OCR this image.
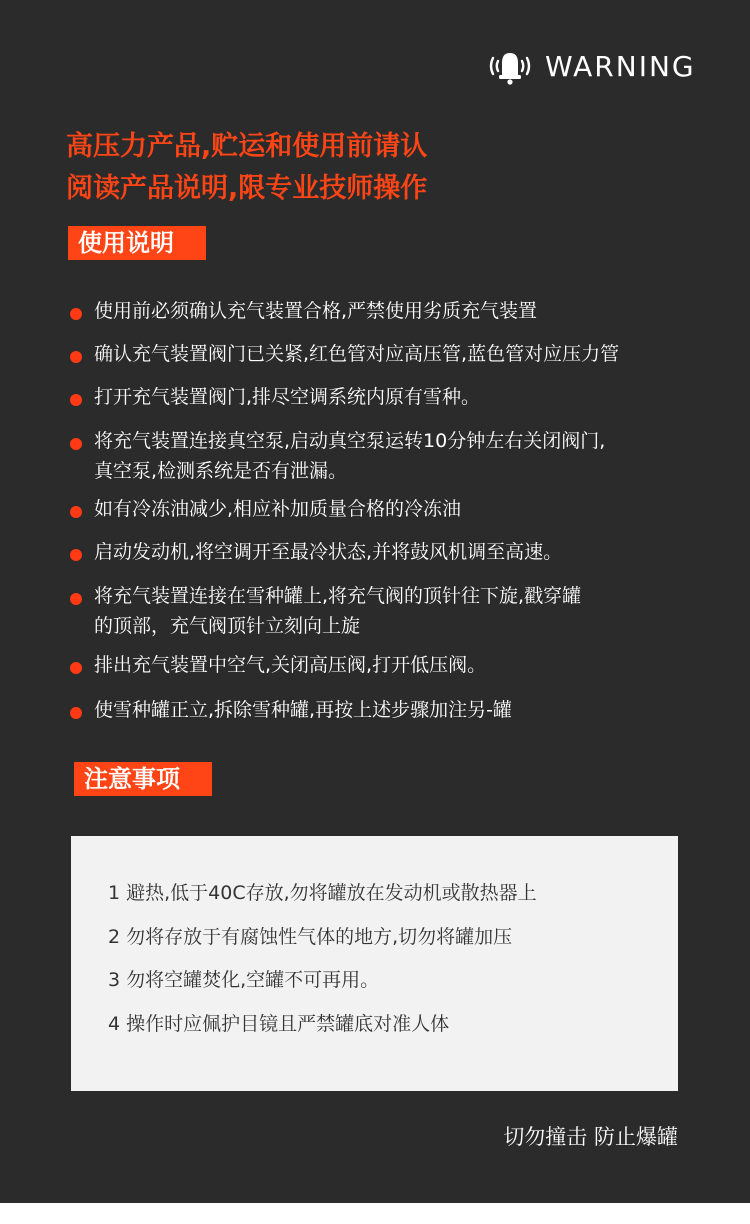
WARNING
高压力产品,贮运和使用前请认
阅读产品说明,限专业技师操作
使用说明
使用前必须确认充气装置合格,严禁使用劣质充气装置
确认充气装置阀门已关紧,红色管对应高压管,蓝色管对应压力管
打开充气装置阀门,排尽空调系统内原有雪种。
将充气装置连接真空泵,启动真空泵运转10分钟左右关闭阀门,
真空泵,检测系统是否有泄漏。
如有冷冻油减少,相应补加质量合格的冷冻油
启动发动机,将空调开至最冷状态,并将鼓风机调至高速。
将充气装置连接在雪种罐上,将充气阀的顶针往下旋,戳穿罐
的顶部，充气阀顶针立刻向上旋
排出充气装置中空气,关闭高压阀,打开低压阀。
使雪种罐正立,拆除雪种罐,再按上述步骤加注另-罐
注意事项
1 避热,低于40C存放,勿将罐放在发动机或散热器上
2 勿将存放于有腐蚀性气体的地方,切勿将罐加压
3 勿将空罐焚化,空罐不可再用。
4 操作时应佩护目镜且严禁罐底对准人体
切勿撞击 防止爆罐
